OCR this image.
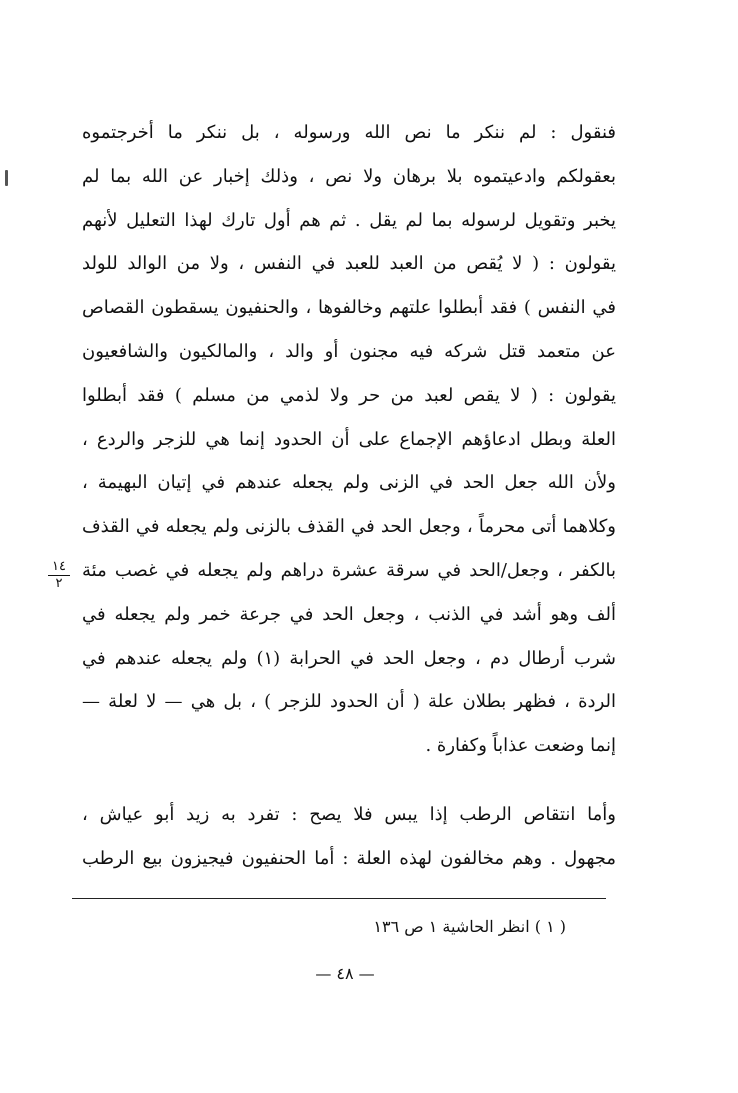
فنقول : لم ننكر ما نص الله ورسوله ، بل ننكر ما أخرجتموه
بعقولكم وادعيتموه بلا برهان ولا نص ، وذلك إخبار عن الله بما لم
يخبر وتقويل لرسوله بما لم يقل . ثم هم أول تارك لهذا التعليل لأنهم
يقولون : ( لا يُقص من العبد للعبد في النفس ، ولا من الوالد للولد
في النفس ) فقد أبطلوا علتهم وخالفوها ، والحنفيون يسقطون القصاص
عن متعمد قتل شركه فيه مجنون أو والد ، والمالكيون والشافعيون
يقولون : ( لا يقص لعبد من حر ولا لذمي من مسلم ) فقد أبطلوا
العلة وبطل ادعاؤهم الإجماع على أن الحدود إنما هي للزجر والردع ،
ولأن الله جعل الحد في الزنى ولم يجعله عندهم في إتيان البهيمة ،
وكلاهما أتى محرماً ، وجعل الحد في القذف بالزنى ولم يجعله في القذف
بالكفر ، وجعل/الحد في سرقة عشرة دراهم ولم يجعله في غصب مئة
ألف وهو أشد في الذنب ، وجعل الحد في جرعة خمر ولم يجعله في
شرب أرطال دم ، وجعل الحد في الحرابة (١) ولم يجعله عندهم في
الردة ، فظهر بطلان علة ( أن الحدود للزجر ) ، بل هي — لا لعلة —
إنما وضعت عذاباً وكفارة .
١٤
٢
وأما انتقاص الرطب إذا يبس فلا يصح : تفرد به زيد أبو عياش ،
مجهول . وهم مخالفون لهذه العلة : أما الحنفيون فيجيزون بيع الرطب
( ١ ) انظر الحاشية ١ ص ١٣٦
— ٤٨ —
